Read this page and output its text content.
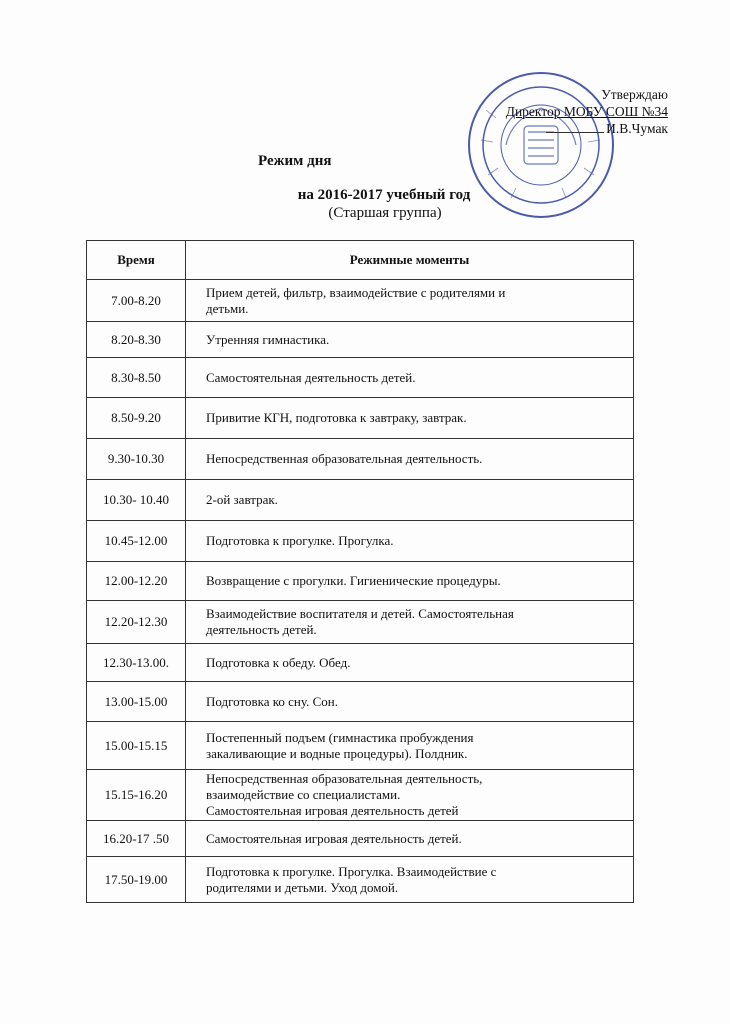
Утверждаю
Директор МОБУ СОШ №34
И.В.Чумак
Режим дня
на 2016-2017 учебный год
(Старшая группа)
Время	Режимные моменты
7.00-8.20	Прием детей, фильтр, взаимодействие с родителями и
детьми.

8.20-8.30	Утренняя гимнастика.

8.30-8.50	Самостоятельная деятельность детей.

8.50-9.20	Привитие КГН, подготовка к завтраку, завтрак.

9.30-10.30	Непосредственная образовательная деятельность.

10.30- 10.40	2-ой завтрак.

10.45-12.00	Подготовка к прогулке. Прогулка.

12.00-12.20	Возвращение с прогулки. Гигиенические процедуры.

12.20-12.30	Взаимодействие воспитателя и детей. Самостоятельная
деятельность детей.

12.30-13.00.	Подготовка к обеду. Обед.

13.00-15.00	Подготовка ко сну. Сон.

15.00-15.15	Постепенный подъем (гимнастика пробуждения
закаливающие и водные процедуры). Полдник.

15.15-16.20	Непосредственная образовательная деятельность,
взаимодействие со специалистами.
Самостоятельная игровая деятельность детей

16.20-17 .50	Самостоятельная игровая деятельность детей.

17.50-19.00	Подготовка к прогулке. Прогулка. Взаимодействие с
родителями и детьми. Уход домой.
